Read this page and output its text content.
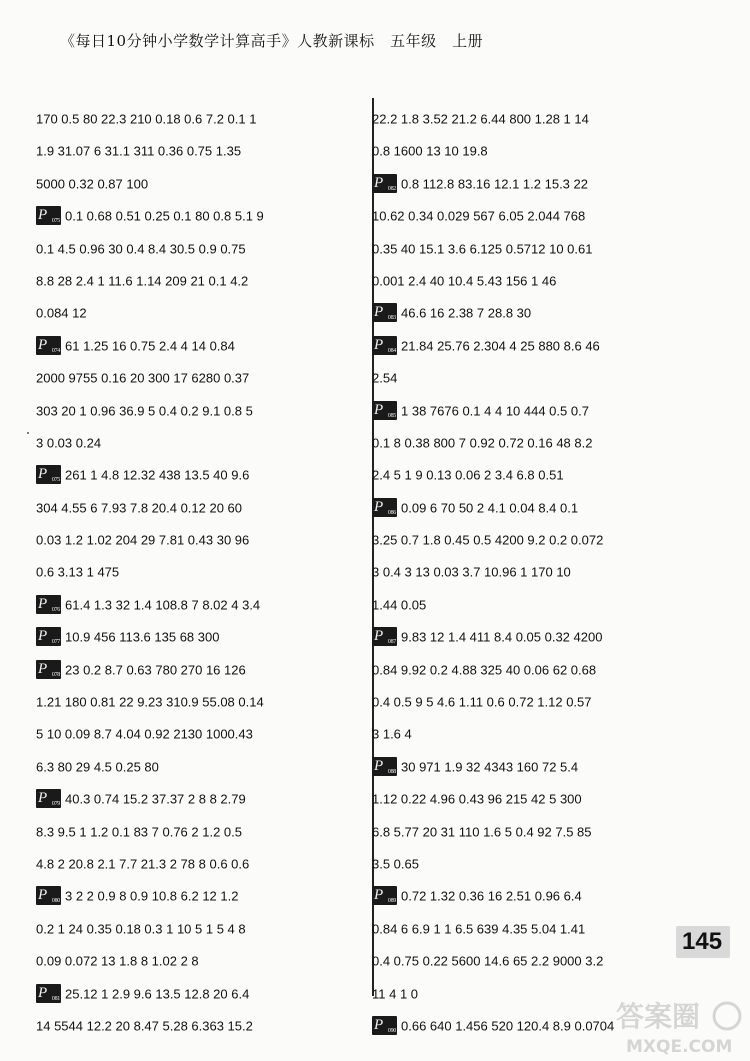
《每日10分钟小学数学计算高手》人教新课标　五年级　上册
170 0.5 80 22.3 210 0.18 0.6 7.2 0.1 1
1.9 31.07 6 31.1 311 0.36 0.75 1.35
5000 0.32 0.87 100
P 075 0.1 0.68 0.51 0.25 0.1 80 0.8 5.1 9
0.1 4.5 0.96 30 0.4 8.4 30.5 0.9 0.75
8.8 28 2.4 1 11.6 1.14 209 21 0.1 4.2
0.084 12
P 074 61 1.25 16 0.75 2.4 4 14 0.84
2000 9755 0.16 20 300 17 6280 0.37
303 20 1 0.96 36.9 5 0.4 0.2 9.1 0.8 5
3 0.03 0.24
P 075 261 1 4.8 12.32 438 13.5 40 9.6
304 4.55 6 7.93 7.8 20.4 0.12 20 60
0.03 1.2 1.02 204 29 7.81 0.43 30 96
0.6 3.13 1 475
P 076 61.4 1.3 32 1.4 108.8 7 8.02 4 3.4
P 077 10.9 456 113.6 135 68 300
P 078 23 0.2 8.7 0.63 780 270 16 126
1.21 180 0.81 22 9.23 310.9 55.08 0.14
5 10 0.09 8.7 4.04 0.92 2130 1000.43
6.3 80 29 4.5 0.25 80
P 079 40.3 0.74 15.2 37.37 2 8 8 2.79
8.3 9.5 1 1.2 0.1 83 7 0.76 2 1.2 0.5
4.8 2 20.8 2.1 7.7 21.3 2 78 8 0.6 0.6
P 080 3 2 2 0.9 8 0.9 10.8 6.2 12 1.2
0.2 1 24 0.35 0.18 0.3 1 10 5 1 5 4 8
0.09 0.072 13 1.8 8 1.02 2 8
P 081 25.12 1 2.9 9.6 13.5 12.8 20 6.4
14 5544 12.2 20 8.47 5.28 6.363 15.2
22.2 1.8 3.52 21.2 6.44 800 1.28 1 14
0.8 1600 13 10 19.8
P 082 0.8 112.8 83.16 12.1 1.2 15.3 22
10.62 0.34 0.029 567 6.05 2.044 768
0.35 40 15.1 3.6 6.125 0.5712 10 0.61
0.001 2.4 40 10.4 5.43 156 1 46
P 083 46.6 16 2.38 7 28.8 30
P 084 21.84 25.76 2.304 4 25 880 8.6 46
2.54
P 085 1 38 7676 0.1 4 4 10 444 0.5 0.7
0.1 8 0.38 800 7 0.92 0.72 0.16 48 8.2
2.4 5 1 9 0.13 0.06 2 3.4 6.8 0.51
P 086 0.09 6 70 50 2 4.1 0.04 8.4 0.1
3.25 0.7 1.8 0.45 0.5 4200 9.2 0.2 0.072
3 0.4 3 13 0.03 3.7 10.96 1 170 10
1.44 0.05
P 087 9.83 12 1.4 411 8.4 0.05 0.32 4200
0.84 9.92 0.2 4.88 325 40 0.06 62 0.68
0.4 0.5 9 5 4.6 1.11 0.6 0.72 1.12 0.57
3 1.6 4
P 088 30 971 1.9 32 4343 160 72 5.4
1.12 0.22 4.96 0.43 96 215 42 5 300
6.8 5.77 20 31 110 1.6 5 0.4 92 7.5 85
3.5 0.65
P 089 0.72 1.32 0.36 16 2.51 0.96 6.4
0.84 6 6.9 1 1 6.5 639 4.35 5.04 1.41
0.4 0.75 0.22 5600 14.6 65 2.2 9000 3.2
11 4 1 0
P 090 0.66 640 1.456 520 120.4 8.9 0.0704
145
答案圈
MXQE.COM
